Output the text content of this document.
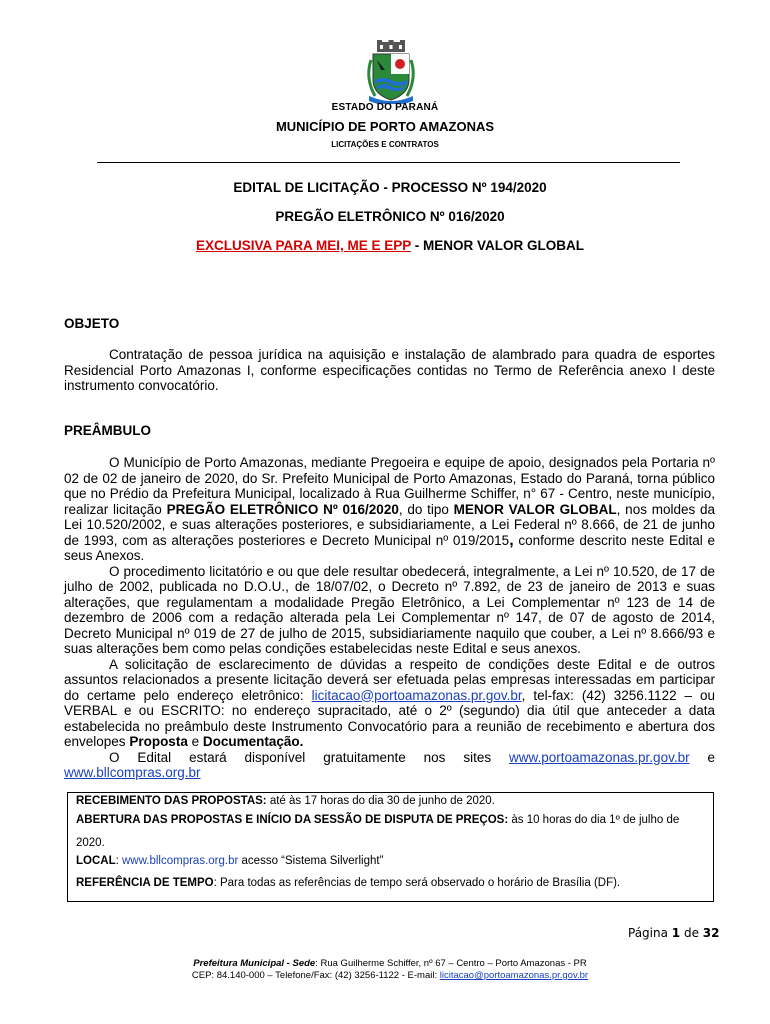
ESTADO DO PARANÁ
MUNICÍPIO DE PORTO AMAZONAS
LICITAÇÕES E CONTRATOS
EDITAL DE LICITAÇÃO - PROCESSO Nº 194/2020
PREGÃO ELETRÔNICO Nº 016/2020
EXCLUSIVA PARA MEI, ME E EPP - MENOR VALOR GLOBAL
OBJETO

Contratação de pessoa jurídica na aquisição e instalação de alambrado para quadra de esportes Residencial Porto Amazonas I, conforme especificações contidas no Termo de Referência anexo I deste instrumento convocatório.

PREÂMBULO

O Município de Porto Amazonas, mediante Pregoeira e equipe de apoio, designados pela Portaria nº 02 de 02 de janeiro de 2020, do Sr. Prefeito Municipal de Porto Amazonas, Estado do Paraná, torna público que no Prédio da Prefeitura Municipal, localizado à Rua Guilherme Schiffer, n° 67 - Centro, neste município, realizar licitação PREGÃO ELETRÔNICO Nº 016/2020, do tipo MENOR VALOR GLOBAL, nos moldes da Lei 10.520/2002, e suas alterações posteriores, e subsidiariamente, a Lei Federal nº 8.666, de 21 de junho de 1993, com as alterações posteriores e Decreto Municipal nº 019/2015, conforme descrito neste Edital e seus Anexos.

O procedimento licitatório e ou que dele resultar obedecerá, integralmente, a Lei nº 10.520, de 17 de julho de 2002, publicada no D.O.U., de 18/07/02, o Decreto nº 7.892, de 23 de janeiro de 2013 e suas alterações, que regulamentam a modalidade Pregão Eletrônico, a Lei Complementar nº 123 de 14 de dezembro de 2006 com a redação alterada pela Lei Complementar nº 147, de 07 de agosto de 2014, Decreto Municipal nº 019 de 27 de julho de 2015, subsidiariamente naquilo que couber, a Lei nº 8.666/93 e suas alterações bem como pelas condições estabelecidas neste Edital e seus anexos.

A solicitação de esclarecimento de dúvidas a respeito de condições deste Edital e de outros assuntos relacionados a presente licitação deverá ser efetuada pelas empresas interessadas em participar do certame pelo endereço eletrônico: licitacao@portoamazonas.pr.gov.br, tel-fax: (42) 3256.1122 – ou VERBAL e ou ESCRITO: no endereço supracitado, até o 2º (segundo) dia útil que anteceder a data estabelecida no preâmbulo deste Instrumento Convocatório para a reunião de recebimento e abertura dos envelopes Proposta e Documentação.

O Edital estará disponível gratuitamente nos sites www.portoamazonas.pr.gov.br e www.bllcompras.org.br

RECEBIMENTO DAS PROPOSTAS: até às 17 horas do dia 30 de junho de 2020.
ABERTURA DAS PROPOSTAS E INÍCIO DA SESSÃO DE DISPUTA DE PREÇOS: às 10 horas do dia 1º de julho de 2020.
LOCAL: www.bllcompras.org.br acesso “Sistema Silverlight”
REFERÊNCIA DE TEMPO: Para todas as referências de tempo será observado o horário de Brasília (DF).
Página 1 de 32
Prefeitura Municipal - Sede: Rua Guilherme Schiffer, nº 67 – Centro – Porto Amazonas - PR
CEP: 84.140-000 – Telefone/Fax: (42) 3256-1122 - E-mail: licitacao@portoamazonas.pr.gov.br
